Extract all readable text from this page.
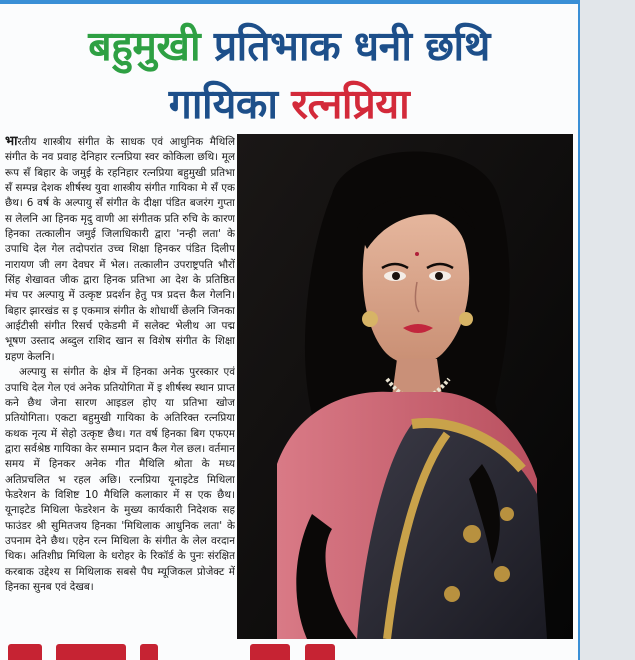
बहुमुखी प्रतिभाक धनी छथि
गायिका रत्नप्रिया

भारतीय शास्त्रीय संगीत के साधक एवं आधुनिक मैथिलि संगीत के नव प्रवाह देनिहार रत्नप्रिया स्वर कोकिला छथि। मूल रूप सँ बिहार के जमुई के रहनिहार रत्नप्रिया बहुमुखी प्रतिभा सँ सम्पन्न देशक शीर्षस्थ युवा शास्त्रीय संगीत गायिका मे सँ एक छैथ। 6 वर्ष के अल्पायु सँ संगीत के दीक्षा पंडित बजरंग गुप्ता स लेलनि आ हिनक मृदु वाणी आ संगीतक प्रति रुचि के कारण हिनका तत्कालीन जमुई जिलाधिकारी द्वारा 'नन्ही लता' के उपाधि देल गेल तदोपरांत उच्च शिक्षा हिनकर पंडित दिलीप नारायण जी लग देवघर में भेल। तत्कालीन उपराष्ट्रपति भौरों सिंह शेखावत जीक द्वारा हिनक प्रतिभा आ देश के प्रतिष्ठित मंच पर अल्पायु में उत्कृष्ट प्रदर्शन हेतु पत्र प्रदत्त कैल गेलनि। बिहार झारखंड स इ एकमात्र संगीत के शोधार्थी छेलनि जिनका आईटीसी संगीत रिसर्च एकेडमी में सलेक्ट भेलीथ आ पद्म भूषण उस्ताद अब्दुल राशिद खान स विशेष संगीत के शिक्षा ग्रहण केलनि।

अल्पायु स संगीत के क्षेत्र में हिनका अनेक पुरस्कार एवं उपाधि देल गेल एवं अनेक प्रतियोगिता में इ शीर्षस्थ स्थान प्राप्त कने छैथ जेना सारण आइडल होए या प्रतिभा खोज प्रतियोगिता। एकटा बहुमुखी गायिका के अतिरिक्त रत्नप्रिया कथक नृत्य में सेहो उत्कृष्ट छैथ। गत वर्ष हिनका बिग एफएम द्वारा सर्वश्रेष्ठ गायिका केर सम्मान प्रदान कैल गेल छल। वर्तमान समय में हिनकर अनेक गीत मैथिलि श्रोता के मध्य अतिप्रचलित भ रहल अछि। रत्नप्रिया यूनाइटेड मिथिला फेडरेशन के विशिष्ट 10 मैथिलि कलाकार में स एक छैथ। यूनाइटेड मिथिला फेडरेशन के मुख्य कार्यकारी निदेशक सह फाउंडर श्री सुमितजय हिनका 'मिथिलाक आधुनिक लता' के उपनाम देने छैथ। एहेन रत्न मिथिला के संगीत के लेल वरदान थिक। अतिशीघ्र मिथिला के धरोहर के रिकॉर्ड के पुनः संरक्षित करबाक उद्देश्य स मिथिलाक सबसे पैघ म्यूजिकल प्रोजेक्ट में हिनका सुनब एवं देखब।
